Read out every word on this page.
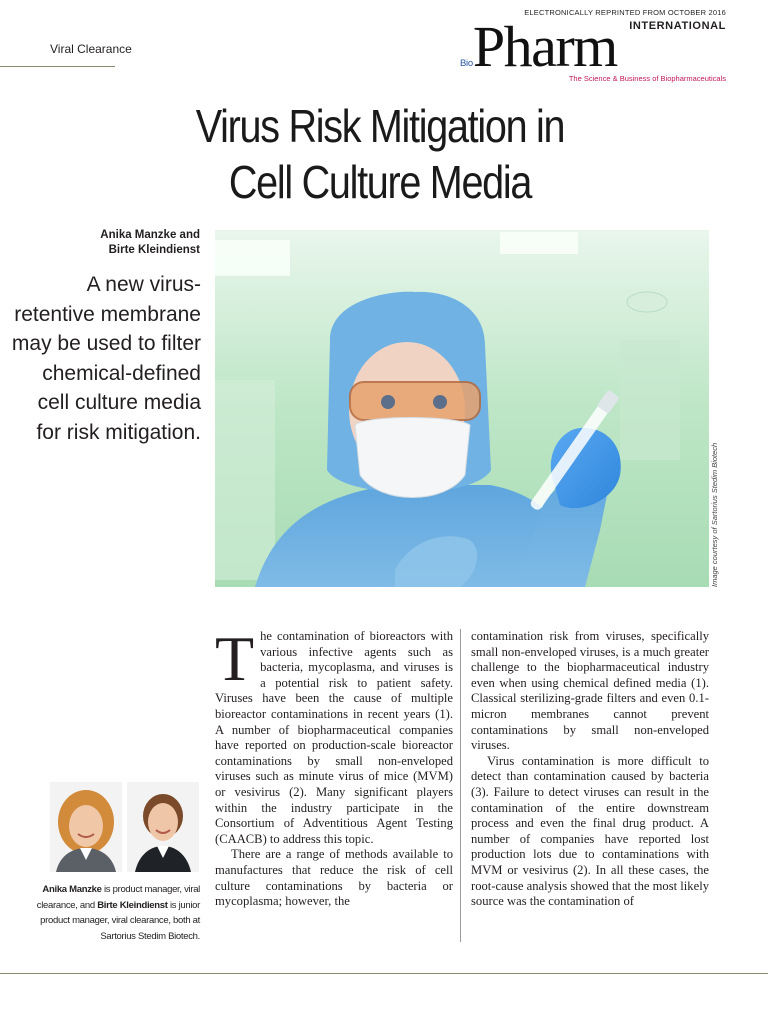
Viral Clearance
ELECTRONICALLY REPRINTED FROM OCTOBER 2016
INTERNATIONAL
BioPharm
The Science & Business of Biopharmaceuticals
Virus Risk Mitigation in
Cell Culture Media
Anika Manzke and
Birte Kleindienst
A new virus-retentive membrane may be used to filter chemical-defined cell culture media for risk mitigation.
Image courtesy of Sartorius Stedim Biotech

The contamination of bioreactors with various infective agents such as bacteria, mycoplasma, and viruses is a potential risk to patient safety. Viruses have been the cause of multiple bioreactor contaminations in recent years (1). A number of biopharmaceutical companies have reported on production-scale bioreactor contaminations by small non-enveloped viruses such as minute virus of mice (MVM) or vesivirus (2). Many significant players within the industry participate in the Consortium of Adventitious Agent Testing (CAACB) to address this topic.

There are a range of methods available to manufactures that reduce the risk of cell culture contaminations by bacteria or mycoplasma; however, the

contamination risk from viruses, specifically small non-enveloped viruses, is a much greater challenge to the biopharmaceutical industry even when using chemical defined media (1). Classical sterilizing-grade filters and even 0.1-micron membranes cannot prevent contaminations by small non-enveloped viruses.

Virus contamination is more difficult to detect than contamination caused by bacteria (3). Failure to detect viruses can result in the contamination of the entire downstream process and even the final drug product. A number of companies have reported lost production lots due to contaminations with MVM or vesivirus (2). In all these cases, the root-cause analysis showed that the most likely source was the contamination of

Anika Manzke is product manager, viral clearance, and Birte Kleindienst is junior product manager, viral clearance, both at Sartorius Stedim Biotech.
